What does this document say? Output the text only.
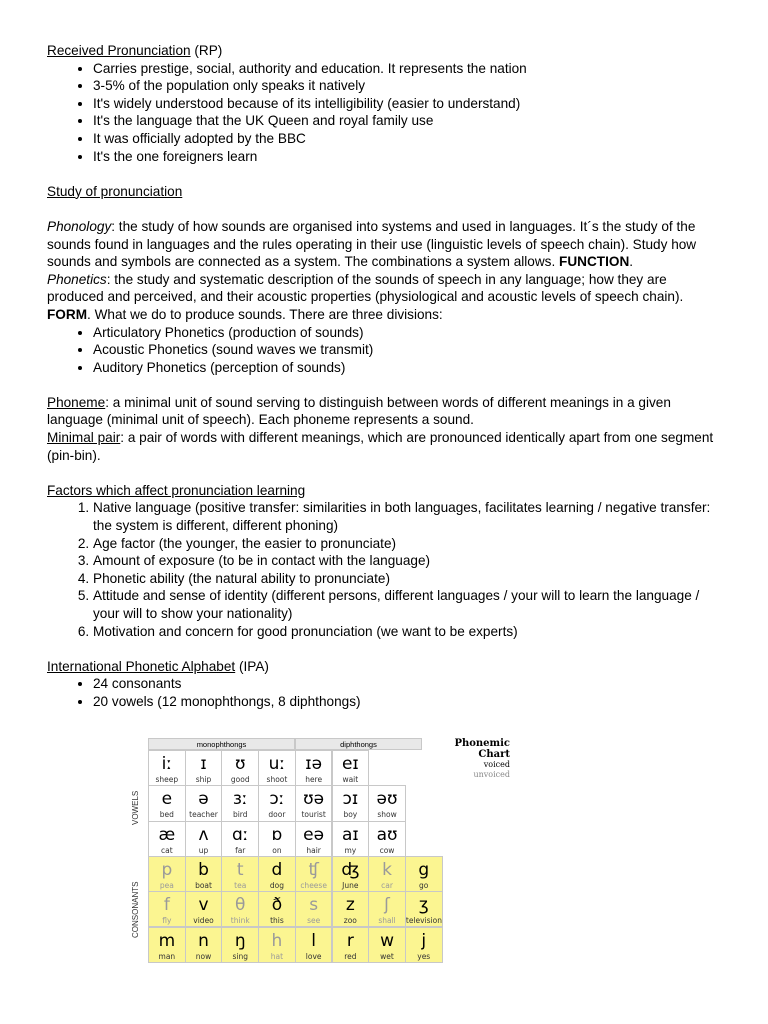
Received Pronunciation (RP)

• Carries prestige, social, authority and education. It represents the nation
• 3-5% of the population only speaks it natively
• It's widely understood because of its intelligibility (easier to understand)
• It's the language that the UK Queen and royal family use
• It was officially adopted by the BBC
• It's the one foreigners learn

Study of pronunciation

Phonology: the study of how sounds are organised into systems and used in languages. It´s the study of the sounds found in languages and the rules operating in their use (linguistic levels of speech chain). Study how sounds and symbols are connected as a system. The combinations a system allows. FUNCTION.

Phonetics: the study and systematic description of the sounds of speech in any language; how they are produced and perceived, and their acoustic properties (physiological and acoustic levels of speech chain). FORM. What we do to produce sounds. There are three divisions:

• Articulatory Phonetics (production of sounds)
• Acoustic Phonetics (sound waves we transmit)
• Auditory Phonetics (perception of sounds)

Phoneme: a minimal unit of sound serving to distinguish between words of different meanings in a given language (minimal unit of speech). Each phoneme represents a sound.

Minimal pair: a pair of words with different meanings, which are pronounced identically apart from one segment (pin-bin).

Factors which affect pronunciation learning

1. Native language (positive transfer: similarities in both languages, facilitates learning / negative transfer: the system is different, different phoning)
2. Age factor (the younger, the easier to pronunciate)
3. Amount of exposure (to be in contact with the language)
4. Phonetic ability (the natural ability to pronunciate)
5. Attitude and sense of identity (different persons, different languages / your will to learn the language / your will to show your nationality)
6. Motivation and concern for good pronunciation (we want to be experts)

International Phonetic Alphabet (IPA)

• 24 consonants
• 20 vowels (12 monophthongs, 8 diphthongs)
monophthongs	diphthongs
VOWELS
CONSONANTS
Phonemic
Chart
voiced
unvoiced
iː
sheep
ɪ
ship
ʊ
good
uː
shoot
ɪə
here
eɪ
wait
e
bed
ə
teacher
ɜː
bird
ɔː
door
ʊə
tourist
ɔɪ
boy
əʊ
show
æ
cat
ʌ
up
ɑː
far
ɒ
on
eə
hair
aɪ
my
aʊ
cow
p
pea
b
boat
t
tea
d
dog
ʧ
cheese
ʤ
June
k
car
g
go
f
fly
v
video
θ
think
ð
this
s
see
z
zoo
ʃ
shall
ʒ
television
m
man
n
now
ŋ
sing
h
hat
l
love
r
red
w
wet
j
yes
